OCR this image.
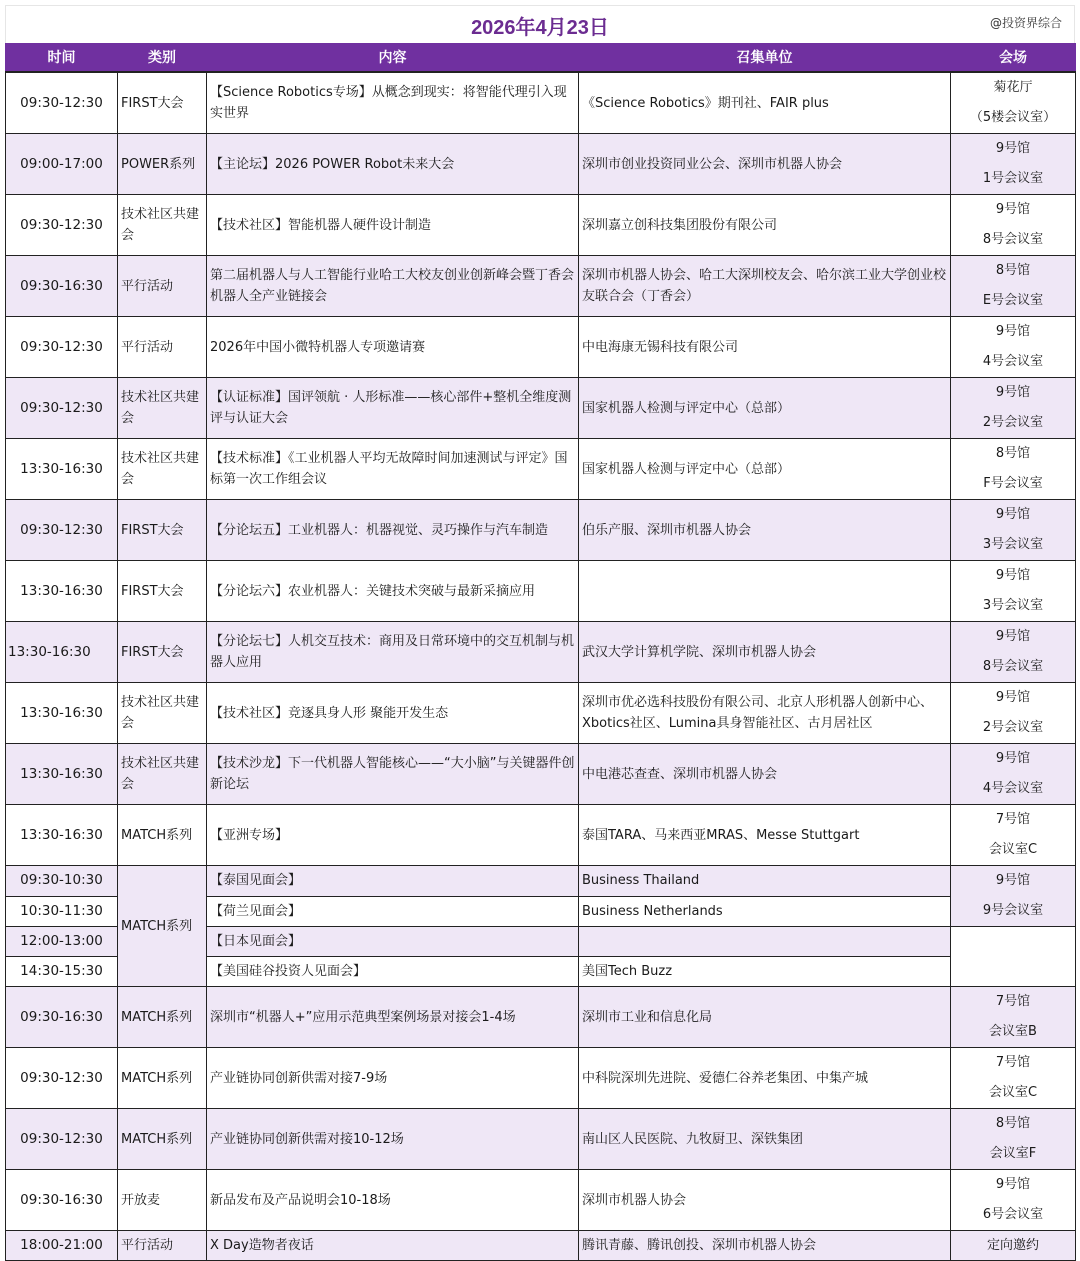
2026年4月23日	@投资界综合
时间	类别	内容	召集单位	会场
09:30-12:30	FIRST大会	【Science Robotics专场】从概念到现实：将智能代理引入现实世界	《Science Robotics》期刊社、FAIR plus	菊花厅
（5楼会议室）

09:00-17:00	POWER系列	【主论坛】2026 POWER Robot未来大会	深圳市创业投资同业公会、深圳市机器人协会	9号馆
1号会议室

09:30-12:30	技术社区共建会	【技术社区】智能机器人硬件设计制造	深圳嘉立创科技集团股份有限公司	9号馆
8号会议室

09:30-16:30	平行活动	第二届机器人与人工智能行业哈工大校友创业创新峰会暨丁香会机器人全产业链接会	深圳市机器人协会、哈工大深圳校友会、哈尔滨工业大学创业校友联合会（丁香会）	8号馆
E号会议室

09:30-12:30	平行活动	2026年中国小微特机器人专项邀请赛	中电海康无锡科技有限公司	9号馆
4号会议室

09:30-12:30	技术社区共建会	【认证标准】国评领航 · 人形标准——核心部件+整机全维度测评与认证大会	国家机器人检测与评定中心（总部）	9号馆
2号会议室

13:30-16:30	技术社区共建会	【技术标准】《工业机器人平均无故障时间加速测试与评定》国标第一次工作组会议	国家机器人检测与评定中心（总部）	8号馆
F号会议室

09:30-12:30	FIRST大会	【分论坛五】工业机器人：机器视觉、灵巧操作与汽车制造	伯乐产服、深圳市机器人协会	9号馆
3号会议室

13:30-16:30	FIRST大会	【分论坛六】农业机器人：关键技术突破与最新采摘应用		9号馆
3号会议室

13:30-16:30	FIRST大会	【分论坛七】人机交互技术：商用及日常环境中的交互机制与机器人应用	武汉大学计算机学院、深圳市机器人协会	9号馆
8号会议室

13:30-16:30	技术社区共建会	【技术社区】竞逐具身人形 聚能开发生态	深圳市优必选科技股份有限公司、北京人形机器人创新中心、Xbotics社区、Lumina具身智能社区、古月居社区	9号馆
2号会议室

13:30-16:30	技术社区共建会	【技术沙龙】下一代机器人智能核心——“大小脑”与关键器件创新论坛	中电港芯查查、深圳市机器人协会	9号馆
4号会议室

13:30-16:30	MATCH系列	【亚洲专场】	泰国TARA、马来西亚MRAS、Messe Stuttgart	7号馆
会议室C

09:30-10:30	MATCH系列	【泰国见面会】	Business Thailand	9号馆
9号会议室

10:30-11:30		【荷兰见面会】	Business Netherlands	
12:00-13:00		【日本见面会】		
14:30-15:30		【美国硅谷投资人见面会】	美国Tech Buzz	
09:30-16:30	MATCH系列	深圳市“机器人+”应用示范典型案例场景对接会1-4场	深圳市工业和信息化局	7号馆
会议室B

09:30-12:30	MATCH系列	产业链协同创新供需对接7-9场	中科院深圳先进院、爱德仁谷养老集团、中集产城	7号馆
会议室C

09:30-12:30	MATCH系列	产业链协同创新供需对接10-12场	南山区人民医院、九牧厨卫、深铁集团	8号馆
会议室F

09:30-16:30	开放麦	新品发布及产品说明会10-18场	深圳市机器人协会	9号馆
6号会议室

18:00-21:00	平行活动	X Day造物者夜话	腾讯青藤、腾讯创投、深圳市机器人协会	定向邀约
